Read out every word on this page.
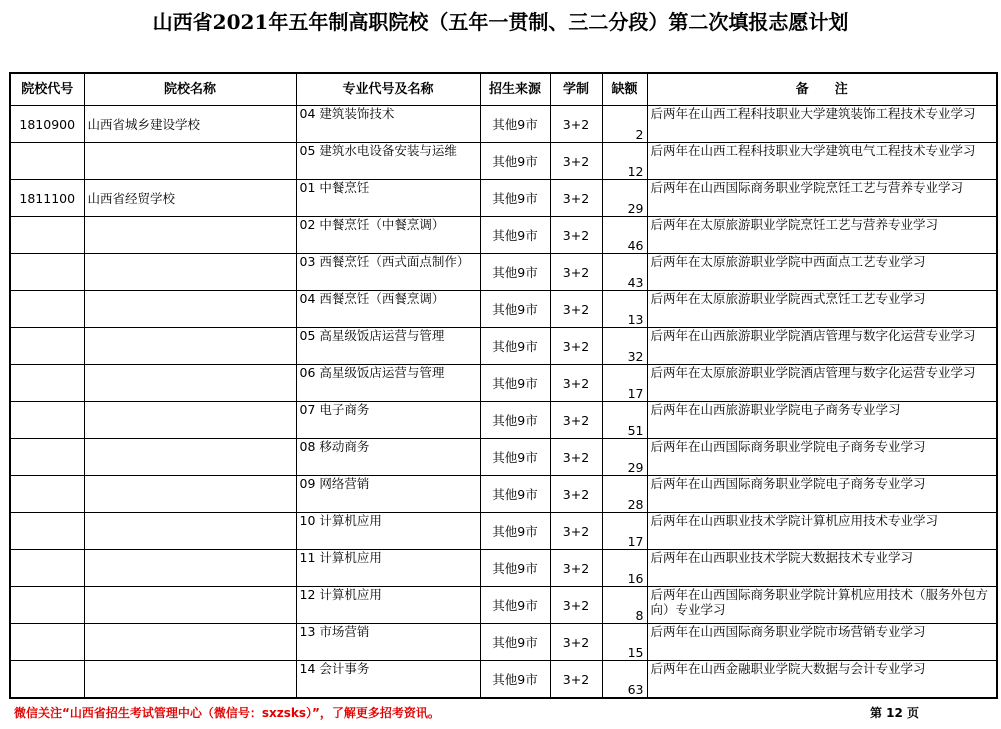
山西省2021年五年制高职院校（五年一贯制、三二分段）第二次填报志愿计划
院校代号	院校名称	专业代号及名称	招生来源	学制	缺额	备　　注
1810900	山西省城乡建设学校	04 建筑装饰技术	其他9市	3+2	2	后两年在山西工程科技职业大学建筑装饰工程技术专业学习
		05 建筑水电设备安装与运维	其他9市	3+2	12	后两年在山西工程科技职业大学建筑电气工程技术专业学习
1811100	山西省经贸学校	01 中餐烹饪	其他9市	3+2	29	后两年在山西国际商务职业学院烹饪工艺与营养专业学习
		02 中餐烹饪（中餐烹调）	其他9市	3+2	46	后两年在太原旅游职业学院烹饪工艺与营养专业学习
		03 西餐烹饪（西式面点制作）	其他9市	3+2	43	后两年在太原旅游职业学院中西面点工艺专业学习
		04 西餐烹饪（西餐烹调）	其他9市	3+2	13	后两年在太原旅游职业学院西式烹饪工艺专业学习
		05 高星级饭店运营与管理	其他9市	3+2	32	后两年在山西旅游职业学院酒店管理与数字化运营专业学习
		06 高星级饭店运营与管理	其他9市	3+2	17	后两年在太原旅游职业学院酒店管理与数字化运营专业学习
		07 电子商务	其他9市	3+2	51	后两年在山西旅游职业学院电子商务专业学习
		08 移动商务	其他9市	3+2	29	后两年在山西国际商务职业学院电子商务专业学习
		09 网络营销	其他9市	3+2	28	后两年在山西国际商务职业学院电子商务专业学习
		10 计算机应用	其他9市	3+2	17	后两年在山西职业技术学院计算机应用技术专业学习
		11 计算机应用	其他9市	3+2	16	后两年在山西职业技术学院大数据技术专业学习
		12 计算机应用	其他9市	3+2	8	后两年在山西国际商务职业学院计算机应用技术（服务外包方向）专业学习
		13 市场营销	其他9市	3+2	15	后两年在山西国际商务职业学院市场营销专业学习
		14 会计事务	其他9市	3+2	63	后两年在山西金融职业学院大数据与会计专业学习
微信关注“山西省招生考试管理中心（微信号：sxzsks）”，了解更多招考资讯。	第 12 页
